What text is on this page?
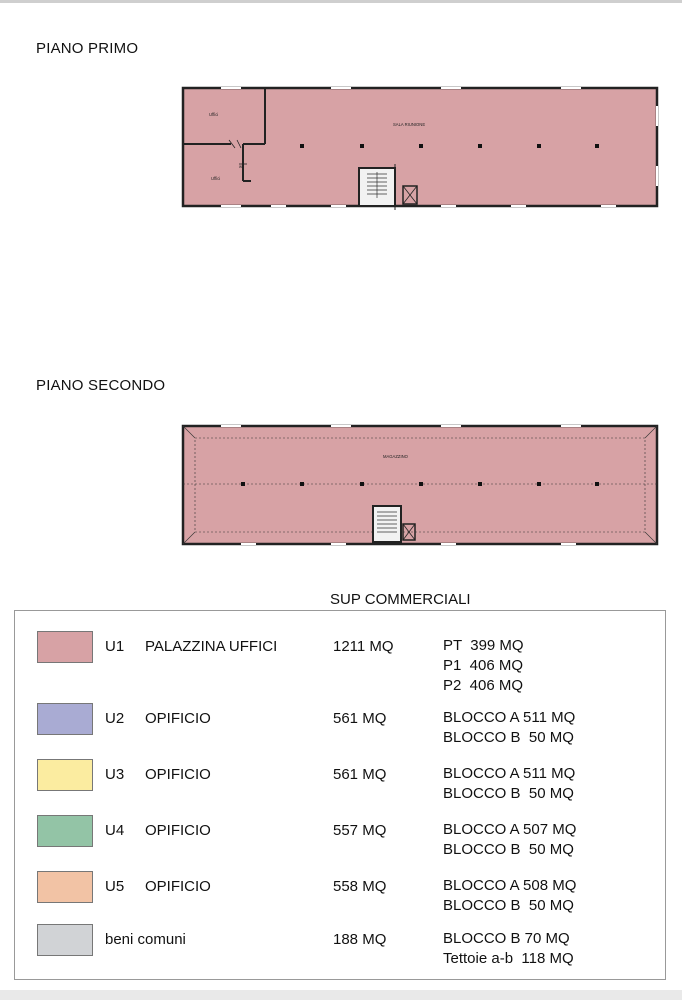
PIANO PRIMO
Uffici
Uffici
wc
SALA RIUNIONE
PIANO SECONDO
MAGAZZINO
SUP COMMERCIALI
U1 PALAZZINA UFFICI	1211 MQ	PT  399 MQ
P1  406 MQ
P2  406 MQ
U2 OPIFICIO	561 MQ	BLOCCO A 511 MQ
BLOCCO B  50 MQ
U3 OPIFICIO	561 MQ	BLOCCO A 511 MQ
BLOCCO B  50 MQ
U4 OPIFICIO	557 MQ	BLOCCO A 507 MQ
BLOCCO B  50 MQ
U5 OPIFICIO	558 MQ	BLOCCO A 508 MQ
BLOCCO B  50 MQ
beni comuni	188 MQ	BLOCCO B 70 MQ
Tettoie a-b  118 MQ
